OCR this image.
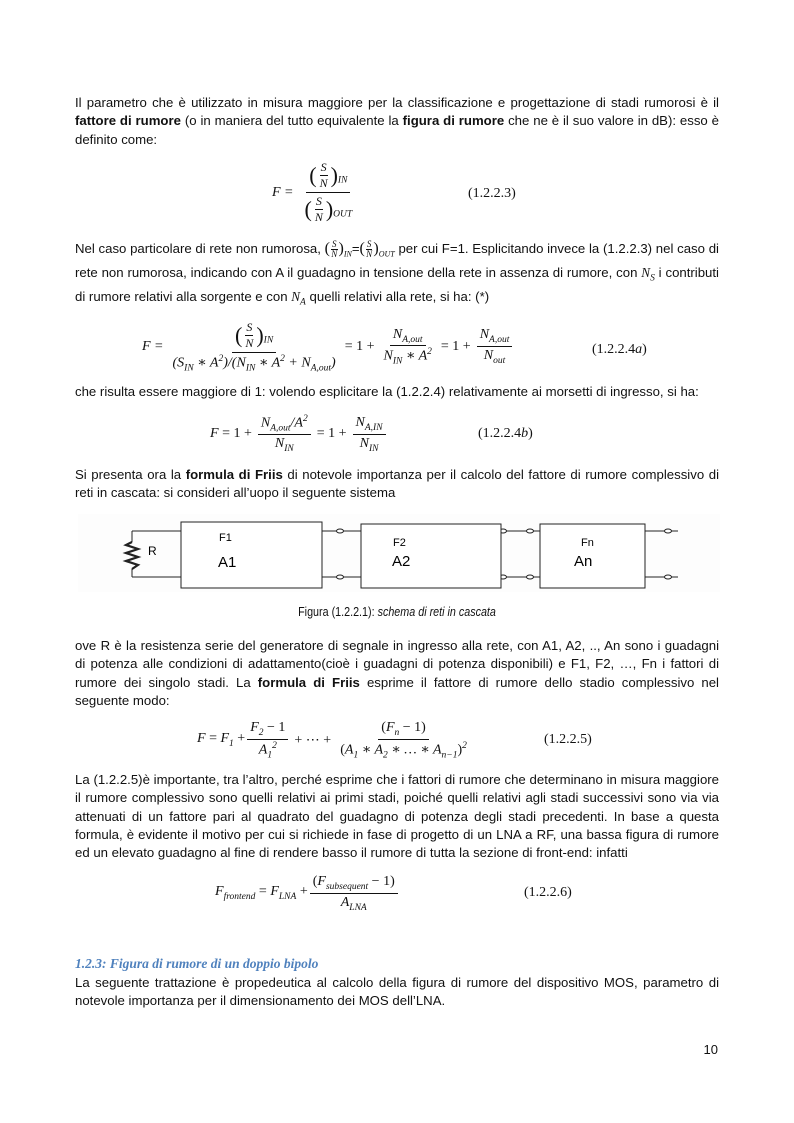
Il parametro che è utilizzato in misura maggiore per la classificazione e progettazione di stadi rumorosi è il fattore di rumore (o in maniera del tutto equivalente la figura di rumore che ne è il suo valore in dB): esso è definito come:

$F = \frac{( \frac{S}{N} )_{IN}}{( \frac{S}{N} )_{OUT}}$	(1.2.2.3)

Nel caso particolare di rete non rumorosa, ( $\frac{S}{N} )_{IN}=( \frac{S}{N} )_{OUT}$ per cui F=1. Esplicitando invece la (1.2.2.3) nel caso di rete non rumorosa, indicando con A il guadagno in tensione della rete in assenza di rumore, con $N_S$ i contributi di rumore relativi alla sorgente e con $N_A$ quelli relativi alla rete, si ha: (*)

$F = \frac{( \frac{S}{N} )_{IN}}{(S_{IN} ∗ A^2)/(N_{IN} ∗ A^2 + N_{A,out})} = 1 + \frac{N_{A,out}}{N_{IN} ∗ A^2} = 1 + \frac{N_{A,out}}{N_{out}}$	(1.2.2.4a)

che risulta essere maggiore di 1: volendo esplicitare la (1.2.2.4) relativamente ai morsetti di ingresso, si ha:

$F = 1 + \frac{N_{A,out}/A^2}{N_{IN}} = 1 + \frac{N_{A,IN}}{N_{IN}}$	(1.2.2.4b)

Si presenta ora la formula di Friis di notevole importanza per il calcolo del fattore di rumore complessivo di reti in cascata: si consideri all’uopo il seguente sistema

R
F1
A1
F2
A2
Fn
An
Figura (1.2.2.1): schema di reti in cascata

ove R è la resistenza serie del generatore di segnale in ingresso alla rete, con A1, A2, .., An sono i guadagni di potenza alle condizioni di adattamento(cioè i guadagni di potenza disponibili) e F1, F2, …, Fn i fattori di rumore dei singolo stadi. La formula di Friis esprime il fattore di rumore dello stadio complessivo nel seguente modo:

$F = F_1 + \frac{F_2 - 1}{A_1^2}$ + ⋯ + $\frac{(F_n - 1)}{(A_1 ∗ A_2 ∗ \dots ∗ A_{n-1})^2}$	(1.2.2.5)

La (1.2.2.5)è importante, tra l’altro, perché esprime che i fattori di rumore che determinano in misura maggiore il rumore complessivo sono quelli relativi ai primi stadi, poiché quelli relativi agli stadi successivi sono via via attenuati di un fattore pari al quadrato del guadagno di potenza degli stadi precedenti. In base a questa formula, è evidente il motivo per cui si richiede in fase di progetto di un LNA a RF, una bassa figura di rumore ed un elevato guadagno al fine di rendere basso il rumore di tutta la sezione di front-end: infatti

$F_{frontend} = F_{LNA} + \frac{(F_{subsequent} - 1)}{A_{LNA}}$	(1.2.2.6)
1.2.3: Figura di rumore di un doppio bipolo

La seguente trattazione è propedeutica al calcolo della figura di rumore del dispositivo MOS, parametro di notevole importanza per il dimensionamento dei MOS dell’LNA.

10
